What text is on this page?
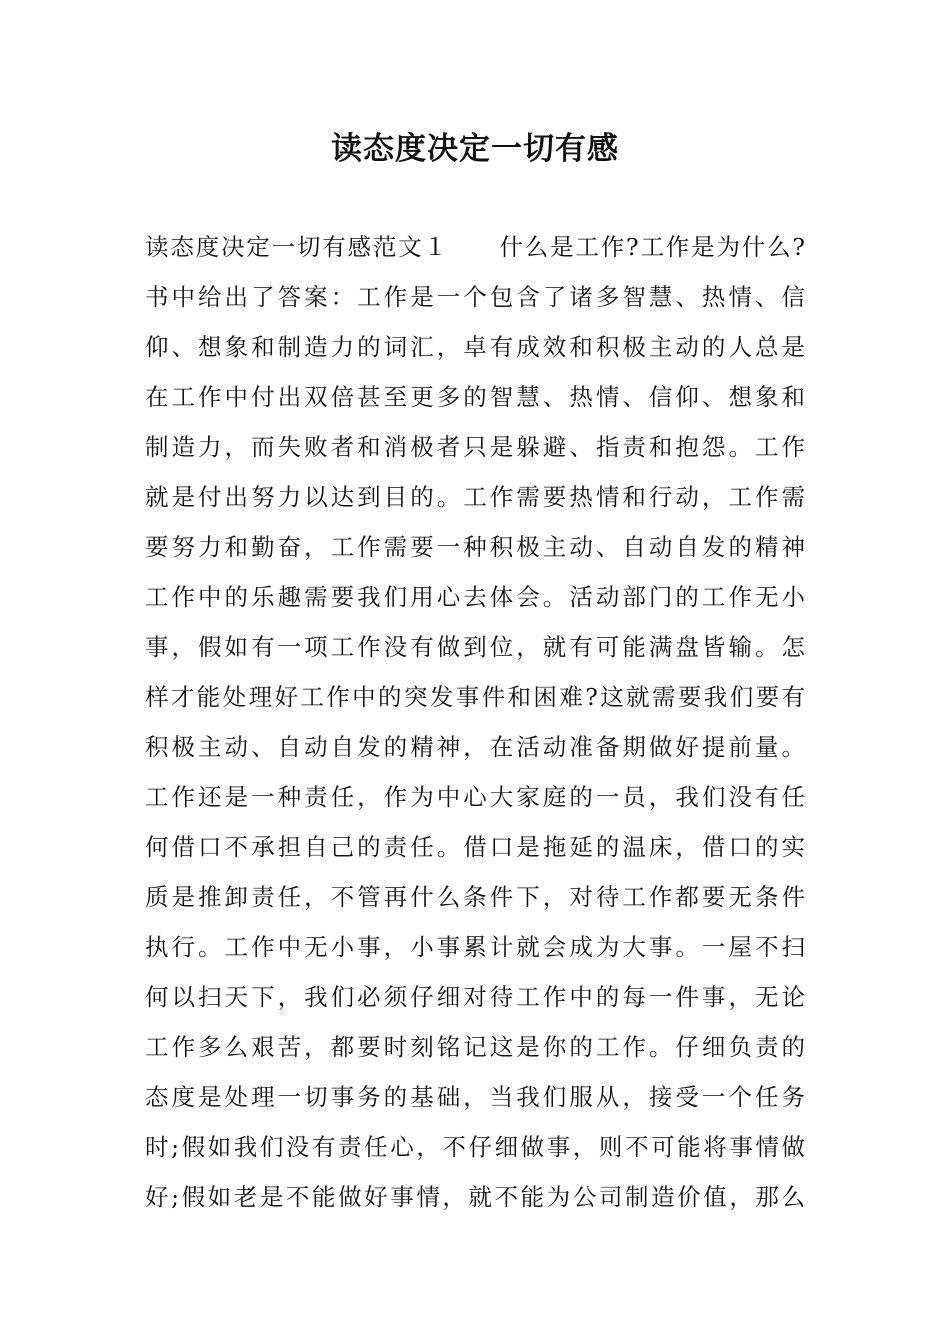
读态度决定一切有感
读态度决定一切有感范文１　　什么是工作?工作是为什么?
书中给出了答案：工作是一个包含了诸多智慧、热情、信
仰、想象和制造力的词汇，卓有成效和积极主动的人总是
在工作中付出双倍甚至更多的智慧、热情、信仰、想象和
制造力，而失败者和消极者只是躲避、指责和抱怨。工作
就是付出努力以达到目的。工作需要热情和行动，工作需
要努力和勤奋，工作需要一种积极主动、自动自发的精神
工作中的乐趣需要我们用心去体会。活动部门的工作无小
事，假如有一项工作没有做到位，就有可能满盘皆输。怎
样才能处理好工作中的突发事件和困难?这就需要我们要有
积极主动、自动自发的精神，在活动准备期做好提前量。
工作还是一种责任，作为中心大家庭的一员，我们没有任
何借口不承担自己的责任。借口是拖延的温床，借口的实
质是推卸责任，不管再什么条件下，对待工作都要无条件
执行。工作中无小事，小事累计就会成为大事。一屋不扫
何以扫天下，我们必须仔细对待工作中的每一件事，无论
工作多么艰苦，都要时刻铭记这是你的工作。仔细负责的
态度是处理一切事务的基础，当我们服从，接受一个任务
时;假如我们没有责任心，不仔细做事，则不可能将事情做
好;假如老是不能做好事情，就不能为公司制造价值，那么
